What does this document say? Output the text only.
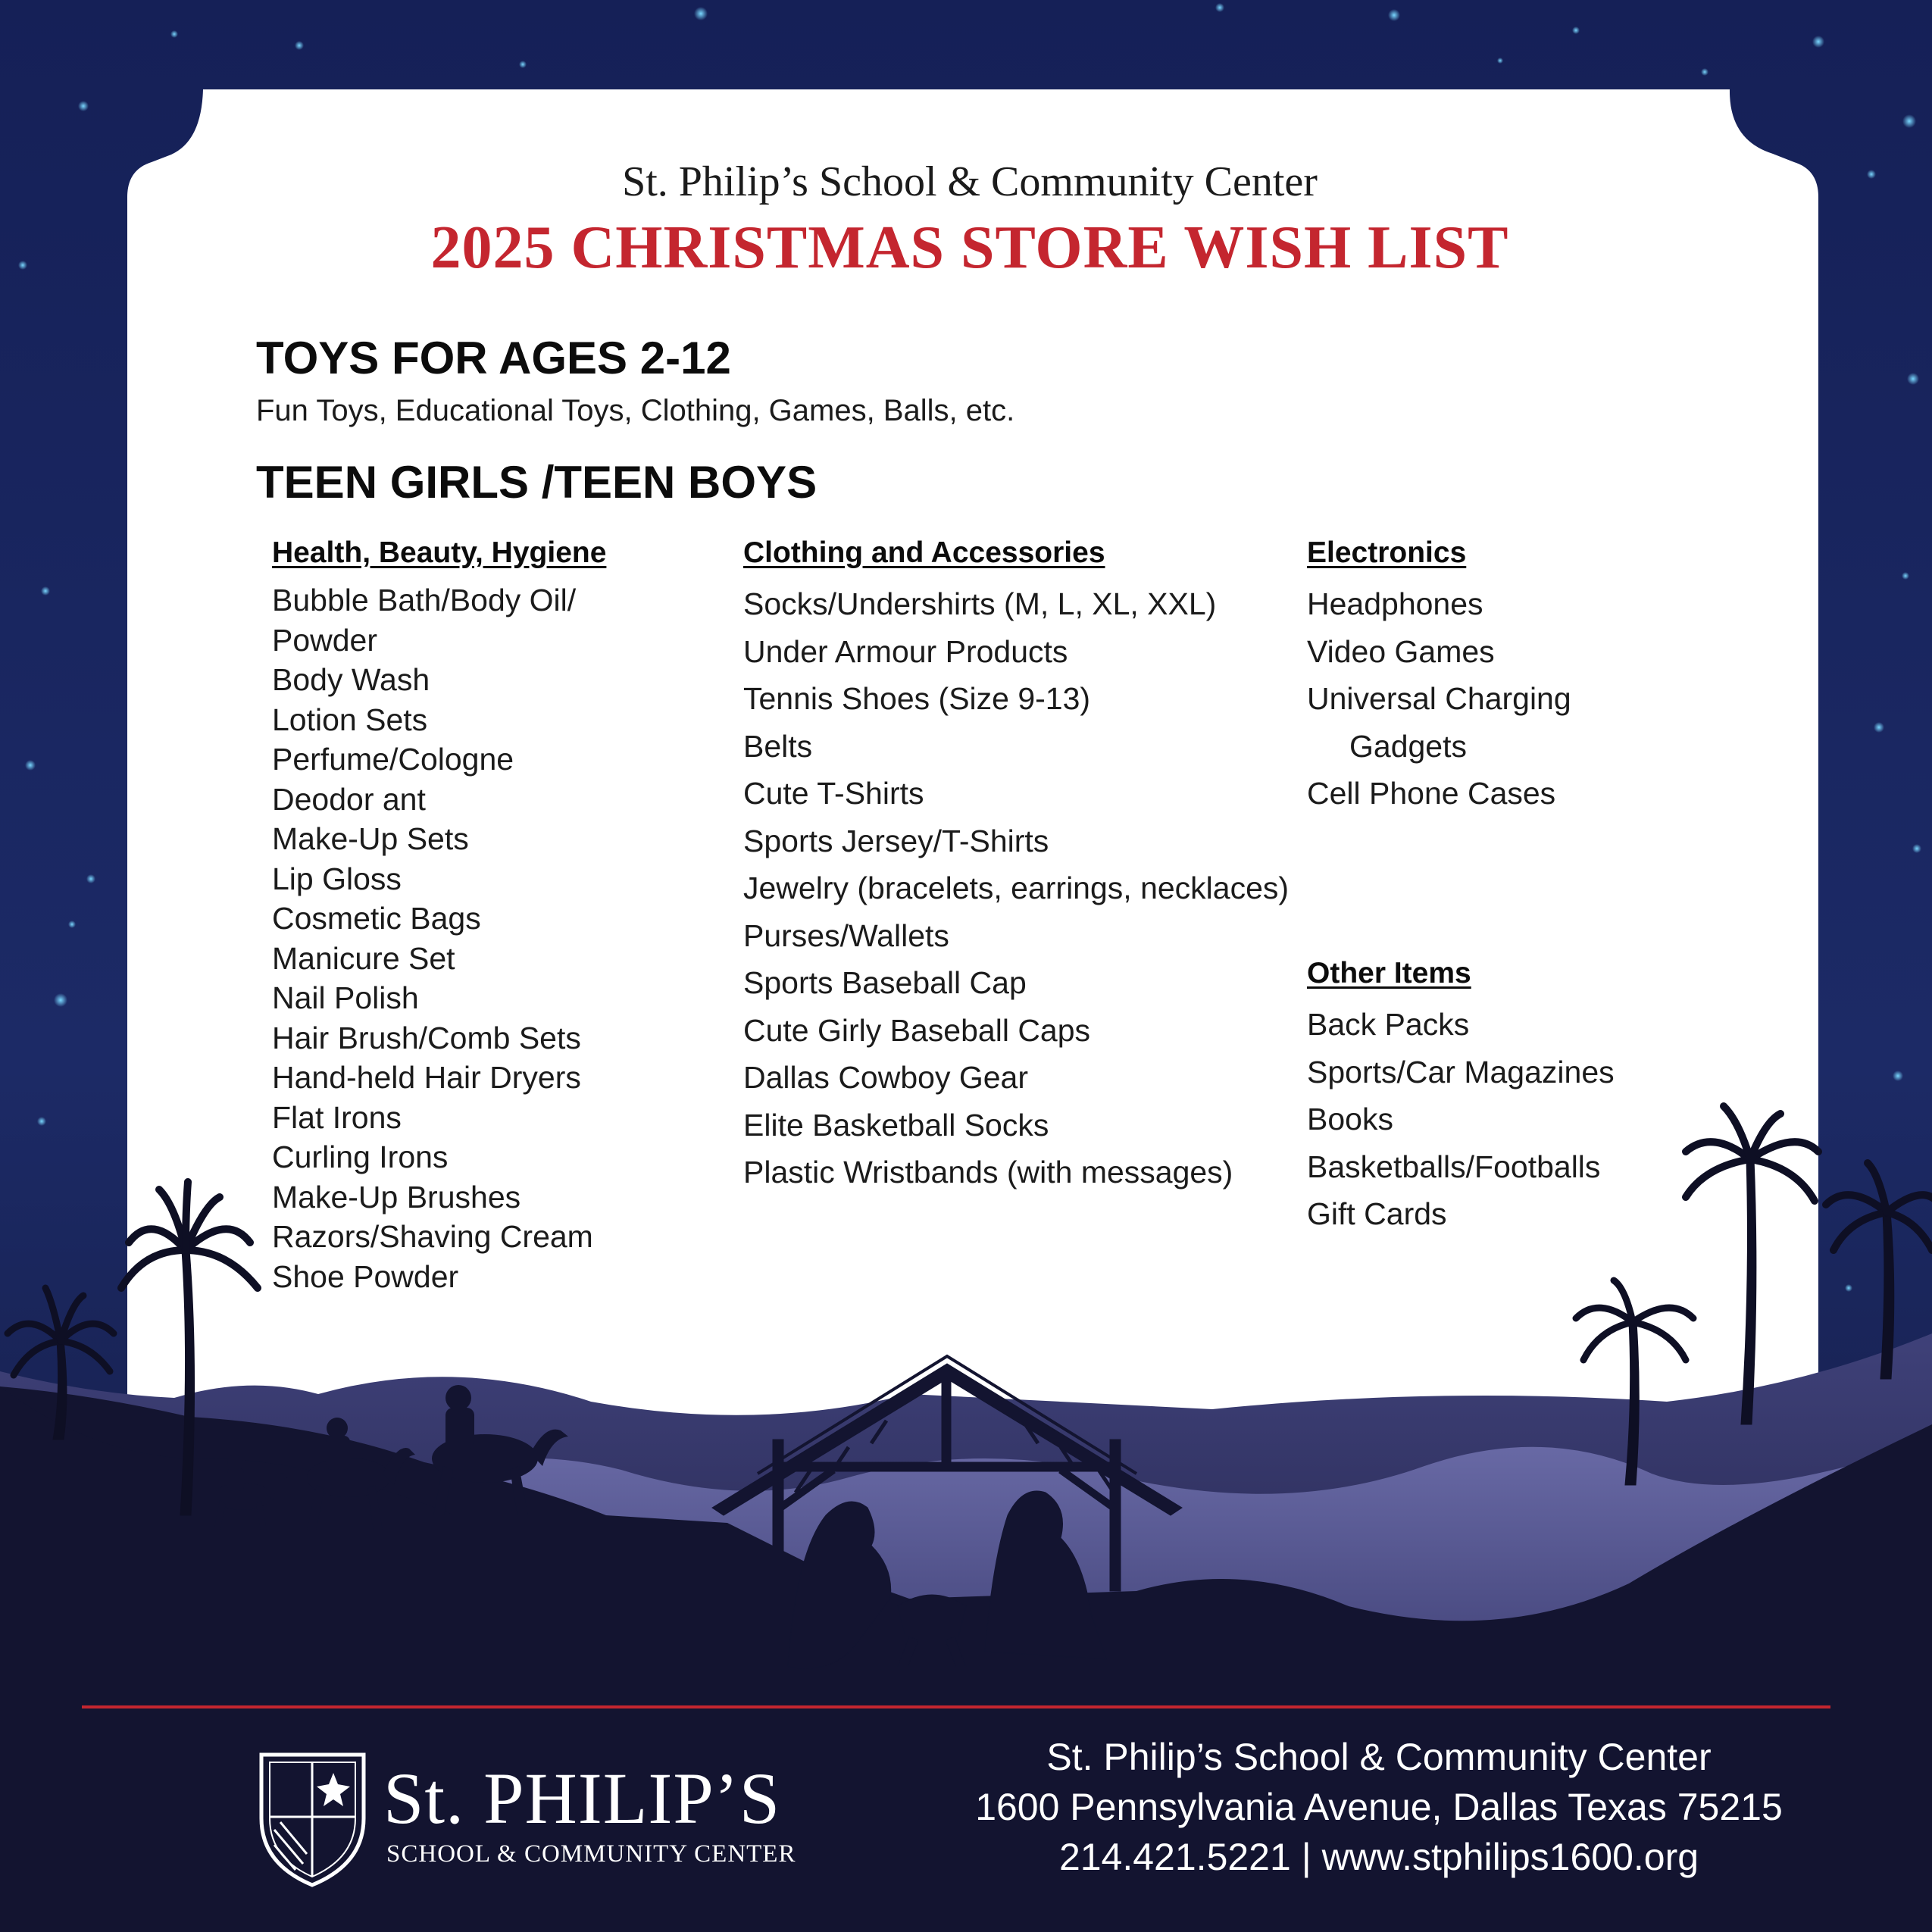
St. Philip’s School & Community Center
2025 CHRISTMAS STORE WISH LIST
TOYS FOR AGES 2-12
Fun Toys, Educational Toys, Clothing, Games, Balls, etc.
TEEN GIRLS /TEEN BOYS
Health, Beauty, Hygiene
Bubble Bath/Body Oil/
Powder
Body Wash
Lotion Sets
Perfume/Cologne
Deodor ant
Make-Up Sets
Lip Gloss
Cosmetic Bags
Manicure Set
Nail Polish
Hair Brush/Comb Sets
Hand-held Hair Dryers
Flat Irons
Curling Irons
Make-Up Brushes
Razors/Shaving Cream
Shoe Powder
Clothing and Accessories
Socks/Undershirts (M, L, XL, XXL)
Under Armour Products
Tennis Shoes (Size 9-13)
Belts
Cute T-Shirts
Sports Jersey/T-Shirts
Jewelry (bracelets, earrings, necklaces)
Purses/Wallets
Sports Baseball Cap
Cute Girly Baseball Caps
Dallas Cowboy Gear
Elite Basketball Socks
Plastic Wristbands (with messages)
Electronics
Headphones
Video Games
Universal Charging
Gadgets
Cell Phone Cases
Other Items
Back Packs
Sports/Car Magazines
Books
Basketballs/Footballs
Gift Cards
St. PHILIP’S
SCHOOL & COMMUNITY CENTER
St. Philip’s School & Community Center
1600 Pennsylvania Avenue, Dallas Texas 75215
214.421.5221 | www.stphilips1600.org
